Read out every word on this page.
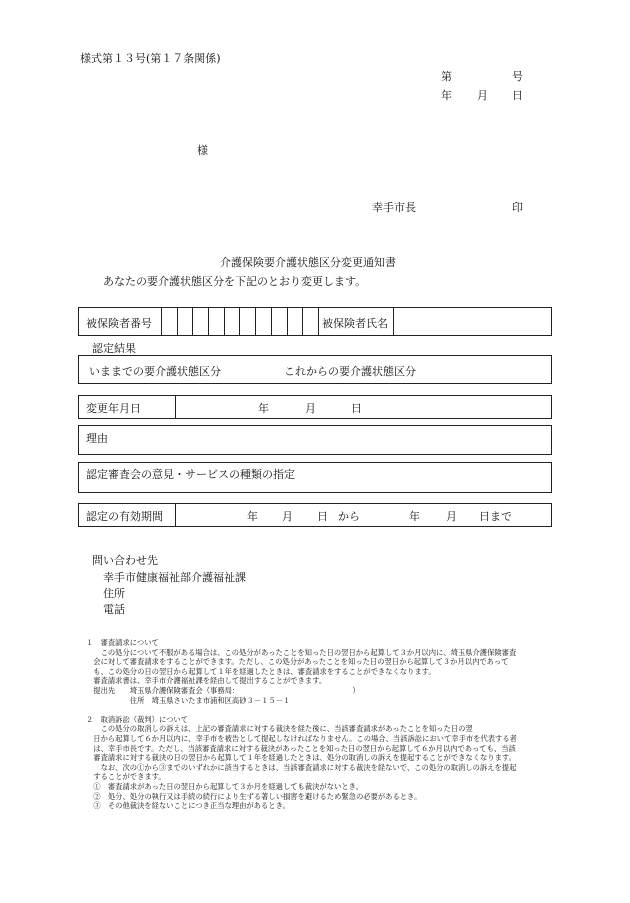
様式第１３号(第１７条関係)
第	号
年 月 日
様
幸手市長	印
介護保険要介護状態区分変更通知書
あなたの要介護状態区分を下記のとおり変更します。
被保険者番号	被保険者氏名
認定結果
いままでの要介護状態区分	これからの要介護状態区分
変更年月日	年	月	日
理由
認定審査会の意見・サービスの種類の指定
認定の有効期間	年 月 日 から	年 月 日まで
問い合わせ先
幸手市健康福祉部介護福祉課
住所
電話

１　審査請求について

　　この処分について不服がある場合は、この処分があったことを知った日の翌日から起算して３か月以内に、埼玉県介護保険審査

　会に対して審査請求をすることができます。ただし、この処分があったことを知った日の翌日から起算して３か月以内であって

　も、この処分の日の翌日から起算して１年を経過したときは、審査請求をすることができなくなります。

　審査請求書は、幸手市介護福祉課を経由して提出することができます。

　提出先　　埼玉県介護保険審査会（事務局：　　　　　　　　　　　　　　　　）

　　　　　　住所　埼玉県さいたま市浦和区高砂３－１５－１

２　取消訴訟（裁判）について

　　この処分の取消しの訴えは、上記の審査請求に対する裁決を経た後に、当該審査請求があったことを知った日の翌

　日から起算して６か月以内に、幸手市を被告として提起しなければなりません。この場合、当該訴訟において幸手市を代表する者

　は、幸手市長です。ただし、当該審査請求に対する裁決があったことを知った日の翌日から起算して６か月以内であっても、当該

　審査請求に対する裁決の日の翌日から起算して１年を経過したときは、処分の取消しの訴えを提起することができなくなります。

　　なお、次の①から③までのいずれかに該当するときは、当該審査請求に対する裁決を経ないで、この処分の取消しの訴えを提起

　することができます。

　①　審査請求があった日の翌日から起算して３か月を経過しても裁決がないとき。

　②　処分、処分の執行又は手続の続行により生ずる著しい損害を避けるため緊急の必要があるとき。

　③　その他裁決を経ないことにつき正当な理由があるとき。
